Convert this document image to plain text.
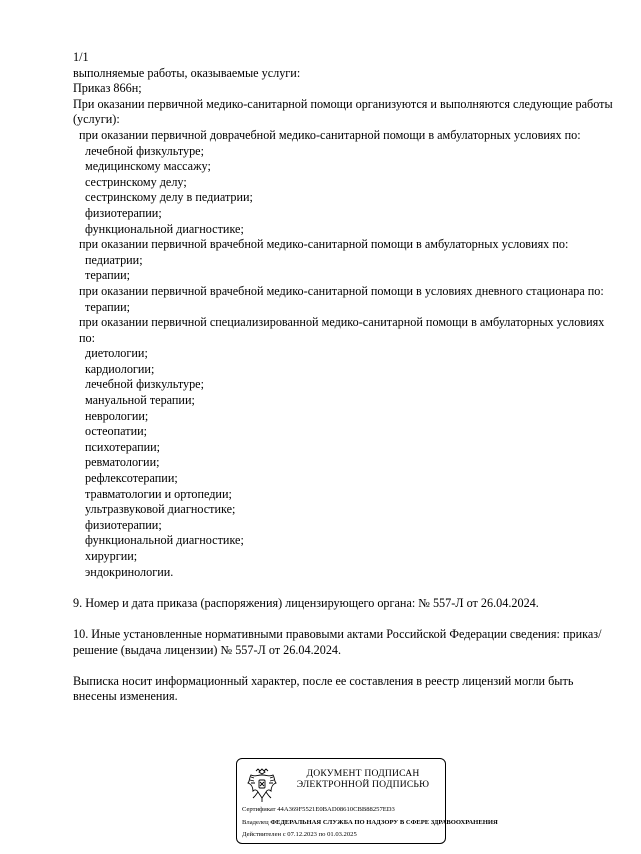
1/1
выполняемые работы, оказываемые услуги:
Приказ 866н;
При оказании первичной медико-санитарной помощи организуются и выполняются следующие работы (услуги):
при оказании первичной доврачебной медико-санитарной помощи в амбулаторных условиях по:
лечебной физкультуре;
медицинскому массажу;
сестринскому делу;
сестринскому делу в педиатрии;
физиотерапии;
функциональной диагностике;
при оказании первичной врачебной медико-санитарной помощи в амбулаторных условиях по:
педиатрии;
терапии;
при оказании первичной врачебной медико-санитарной помощи в условиях дневного стационара по:
терапии;
при оказании первичной специализированной медико-санитарной помощи в амбулаторных условиях по:
диетологии;
кардиологии;
лечебной физкультуре;
мануальной терапии;
неврологии;
остеопатии;
психотерапии;
ревматологии;
рефлексотерапии;
травматологии и ортопедии;
ультразвуковой диагностике;
физиотерапии;
функциональной диагностике;
хирургии;
эндокринологии.
9. Номер и дата приказа (распоряжения) лицензирующего органа: № 557-Л от 26.04.2024.
10. Иные установленные нормативными правовыми актами Российской Федерации сведения: приказ/решение (выдача лицензии) № 557-Л от 26.04.2024.
Выписка носит информационный характер, после ее составления в реестр лицензий могли быть внесены изменения.
ДОКУМЕНТ ПОДПИСАН
ЭЛЕКТРОННОЙ ПОДПИСЬЮ
Сертификат 44A369F5521E0BAD08610CBB88257ED3
Владелец ФЕДЕРАЛЬНАЯ СЛУЖБА ПО НАДЗОРУ В СФЕРЕ ЗДРАВООХРАНЕНИЯ
Действителен с 07.12.2023 по 01.03.2025
